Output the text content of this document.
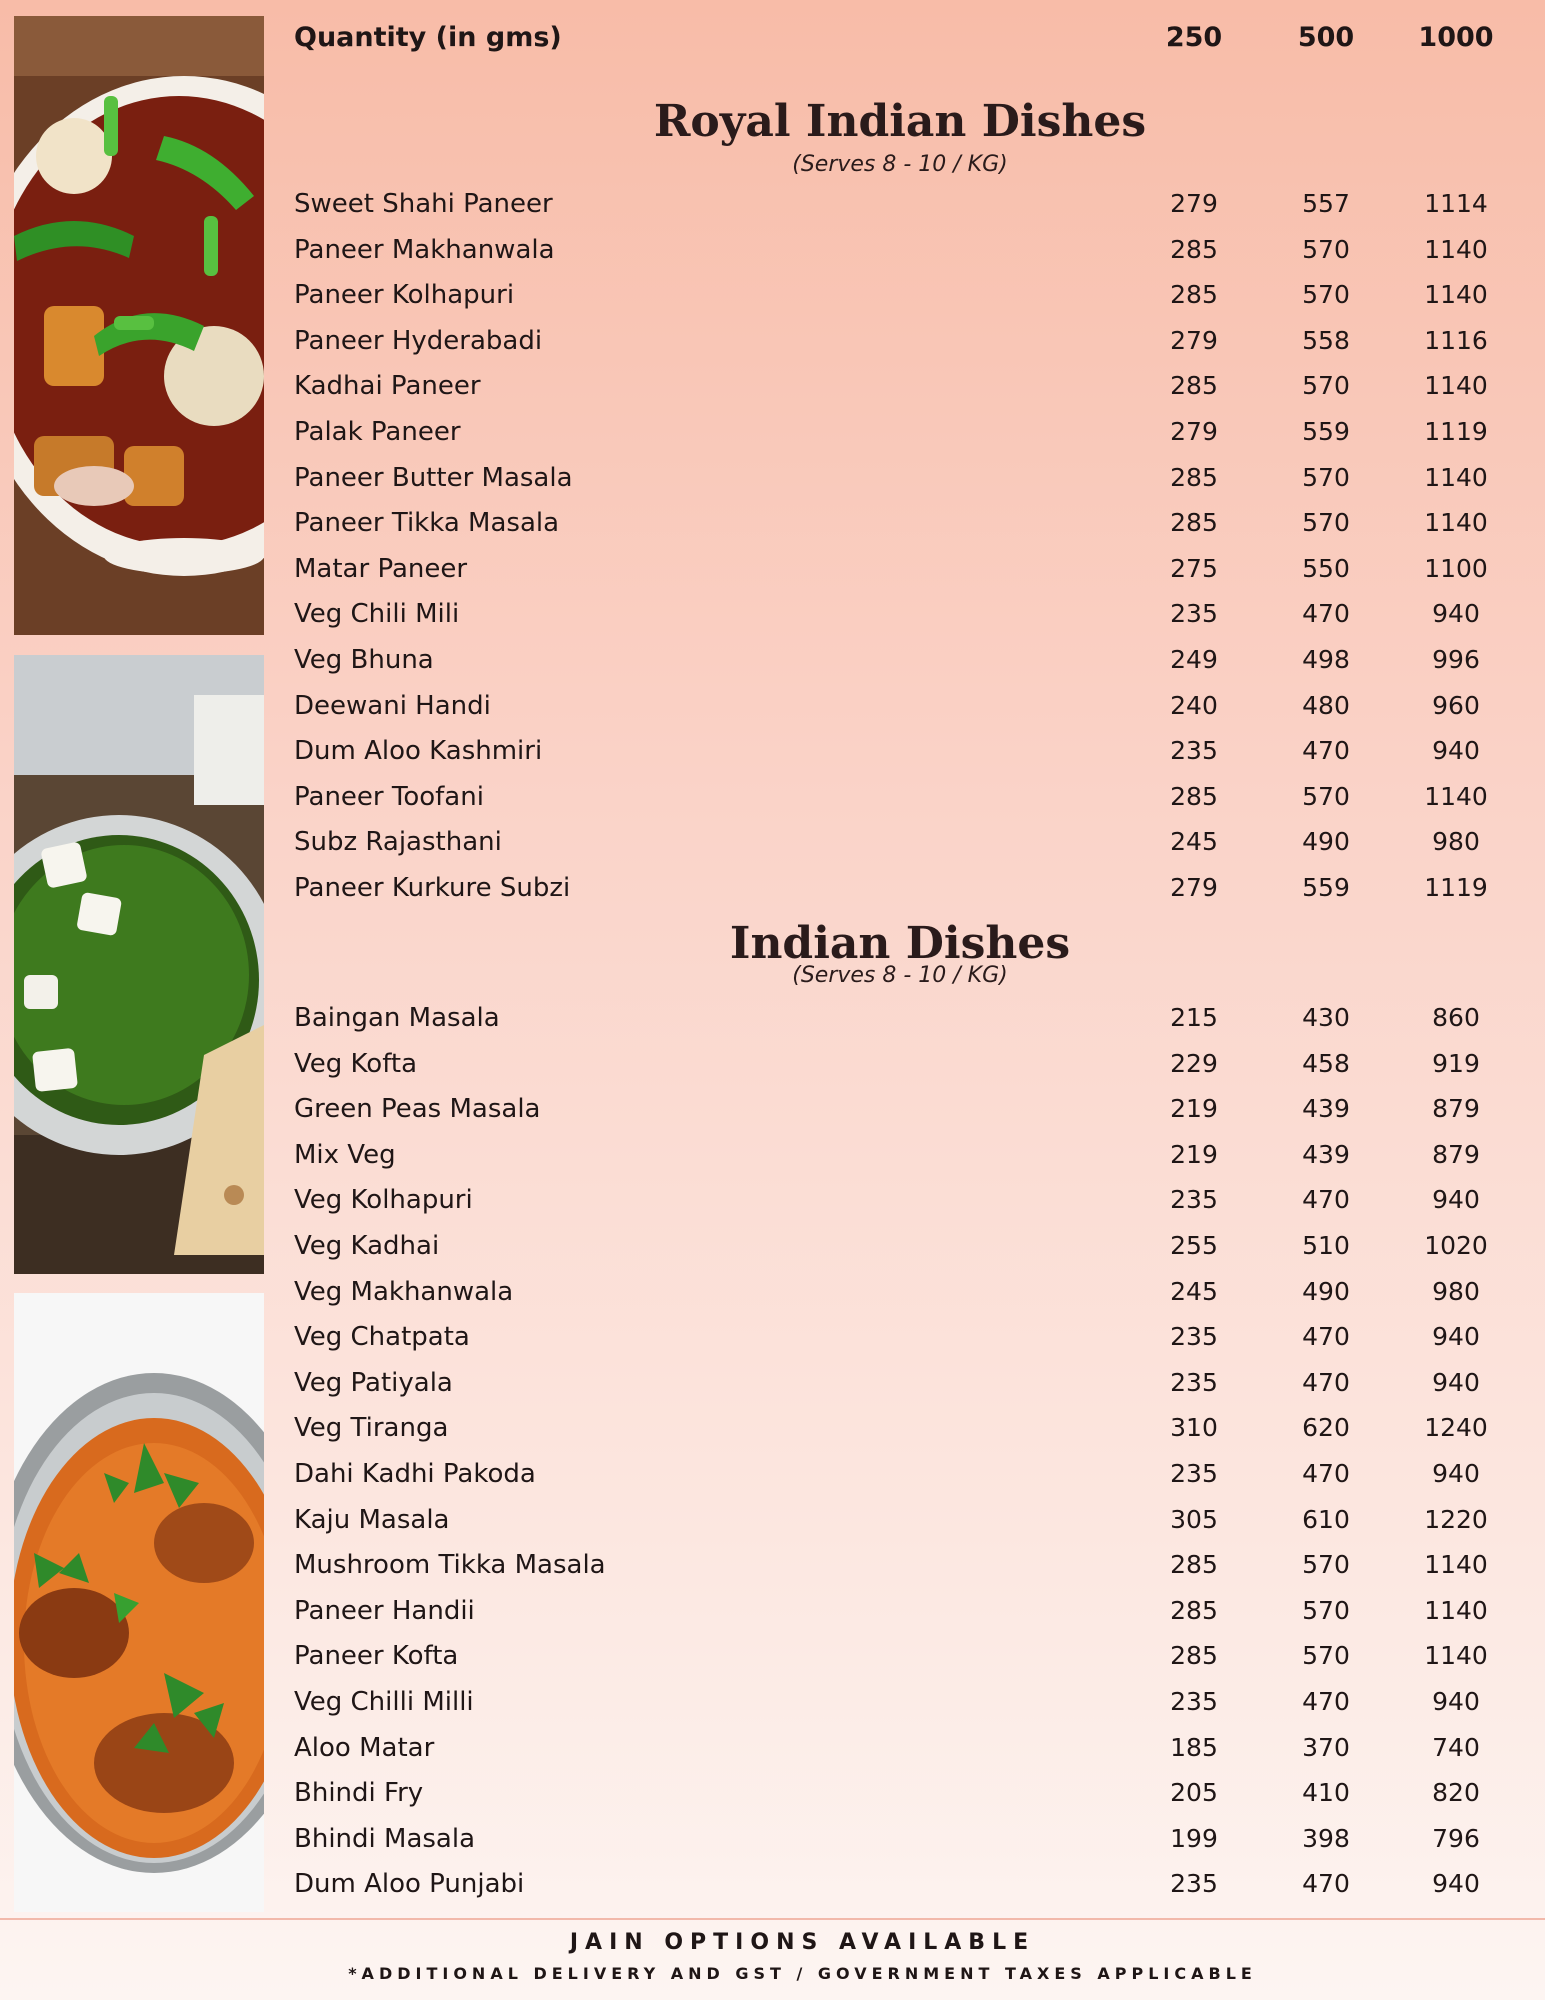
Quantity (in gms)	250	500	1000
Royal Indian Dishes
(Serves 8 - 10 / KG)
Sweet Shahi Paneer	279	557	1114
Paneer Makhanwala	285	570	1140
Paneer Kolhapuri	285	570	1140
Paneer Hyderabadi	279	558	1116
Kadhai Paneer	285	570	1140
Palak Paneer	279	559	1119
Paneer Butter Masala	285	570	1140
Paneer Tikka Masala	285	570	1140
Matar Paneer	275	550	1100
Veg Chili Mili	235	470	940
Veg Bhuna	249	498	996
Deewani Handi	240	480	960
Dum Aloo Kashmiri	235	470	940
Paneer Toofani	285	570	1140
Subz Rajasthani	245	490	980
Paneer Kurkure Subzi	279	559	1119
Indian Dishes
(Serves 8 - 10 / KG)
Baingan Masala	215	430	860
Veg Kofta	229	458	919
Green Peas Masala	219	439	879
Mix Veg	219	439	879
Veg Kolhapuri	235	470	940
Veg Kadhai	255	510	1020
Veg Makhanwala	245	490	980
Veg Chatpata	235	470	940
Veg Patiyala	235	470	940
Veg Tiranga	310	620	1240
Dahi Kadhi Pakoda	235	470	940
Kaju Masala	305	610	1220
Mushroom Tikka Masala	285	570	1140
Paneer Handii	285	570	1140
Paneer Kofta	285	570	1140
Veg Chilli Milli	235	470	940
Aloo Matar	185	370	740
Bhindi Fry	205	410	820
Bhindi Masala	199	398	796
Dum Aloo Punjabi	235	470	940
JAIN OPTIONS AVAILABLE
*ADDITIONAL DELIVERY AND GST / GOVERNMENT TAXES APPLICABLE
